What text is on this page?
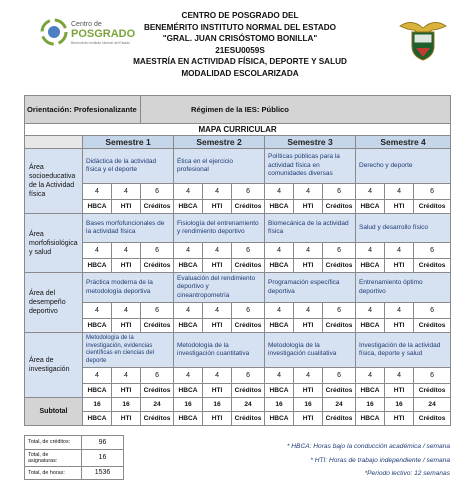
Centro de
POSGRADO
Benemérito Instituto Normal del Estado
CENTRO DE POSGRADO DEL
BENEMÉRITO INSTITUTO NORMAL DEL ESTADO
"GRAL. JUAN CRISÓSTOMO BONILLA"
21ESU0059S
MAESTRÍA EN ACTIVIDAD FÍSICA, DEPORTE Y SALUD
MODALIDAD ESCOLARIZADA
Orientación: Profesionalizante			Régimen de la IES: Público									
MAPA CURRICULAR												
	Semestre 1			Semestre 2			Semestre 3			Semestre 4		
Área socioeducativa de la Actividad física	Didáctica de la actividad física y el deporte			Ética en el ejercicio profesional			Políticas públicas para la actividad física en comunidades diversas			Derecho y deporte		
	4	4	6	4	4	6	4	4	6	4	4	6
	HBCA	HTI	Créditos	HBCA	HTI	Créditos	HBCA	HTI	Créditos	HBCA	HTI	Créditos
Área morfofisiológica y salud	Bases morfofuncionales de la actividad física			Fisiología del entrenamiento y rendimiento deportivo			Biomecánica de la actividad física			Salud y desarrollo físico		
	4	4	6	4	4	6	4	4	6	4	4	6
	HBCA	HTI	Créditos	HBCA	HTI	Créditos	HBCA	HTI	Créditos	HBCA	HTI	Créditos
Área del desempeño deportivo	Práctica moderna de la metodología deportiva			Evaluación del rendimiento deportivo y cineantropometría			Programación específica deportiva			Entrenamiento óptimo deportivo		
	4	4	6	4	4	6	4	4	6	4	4	6
	HBCA	HTI	Créditos	HBCA	HTI	Créditos	HBCA	HTI	Créditos	HBCA	HTI	Créditos
Área de investigación	Metodología de la investigación, evidencias científicas en ciencias del deporte			Metodología de la investigación cuantitativa			Metodología de la investigación cualitativa			Investigación de la actividad física, deporte y salud		
	4	4	6	4	4	6	4	4	6	4	4	6
	HBCA	HTI	Créditos	HBCA	HTI	Créditos	HBCA	HTI	Créditos	HBCA	HTI	Créditos
Subtotal	16	16	24	16	16	24	16	16	24	16	16	24
	HBCA	HTI	Créditos	HBCA	HTI	Créditos	HBCA	HTI	Créditos	HBCA	HTI	Créditos
Total, de créditos:	96
Total, de asignaturas:	16
Total, de horas:	1536
* HBCA: Horas bajo la conducción académica / semana
* HTI: Horas de trabajo independiente / semana
*Periodo lectivo: 12 semanas
